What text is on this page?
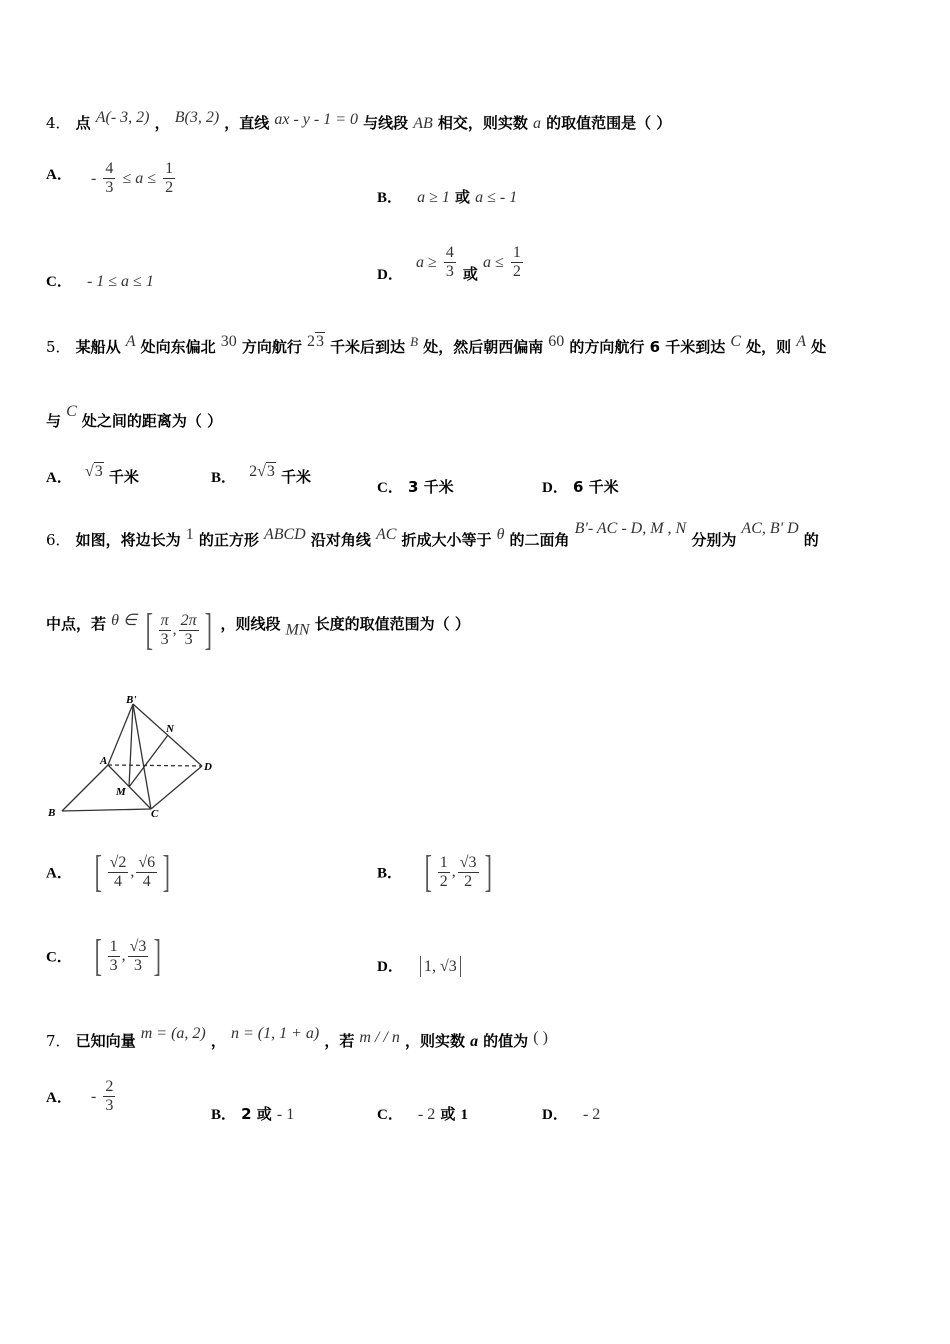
4． 点 A(- 3, 2) ， B(3, 2) ，直线 ax - y - 1 = 0 与线段 AB 相交，则实数 a 的取值范围是（ ）
A． - $\frac{4}{3} \le a \le \frac{1}{2}$
B． a ≥ 1 或 a ≤ - 1
C． - 1 ≤ a ≤ 1	D． $a \ge \frac{4}{3}$ 或 $a \le \frac{1}{2}$
5． 某船从 A 处向东偏北 30 方向航行 23 千米后到达 $^B$ 处，然后朝西偏南 60 的方向航行 6 千米到达 C 处，则 A 处
与 C 处之间的距离为（ ）
A． √3 千米	B． 2√3 千米
C． 3 千米	D． 6 千米
6． 如图，将边长为 1 的正方形 ABCD 沿对角线 AC 折成大小等于 θ 的二面角 B'- AC - D, M , N 分别为 AC, B' D 的
中点，若 θ ∈ [ $\frac{\pi}{3}$ , $\frac{2\pi}{3}$ ] ，则线段 MN 长度的取值范围为（ ）
B'
N
A	D
M
B	C
A． [ $\frac{√2}{4}$ , $\frac{√6}{4}$ ]	B． [ $\frac{1}{2}$ , $\frac{√3}{2}$ ]
C． [ $\frac{1}{3}$ , $\frac{√3}{3}$ ]	D． 1, √3
7． 已知向量 m = (a, 2) ， n = (1, 1 + a) ，若 m / / n ，则实数 a 的值为 ( )
A． - $\frac{2}{3}$	B． 2 或 - 1	C． - 2 或 1	D． - 2
